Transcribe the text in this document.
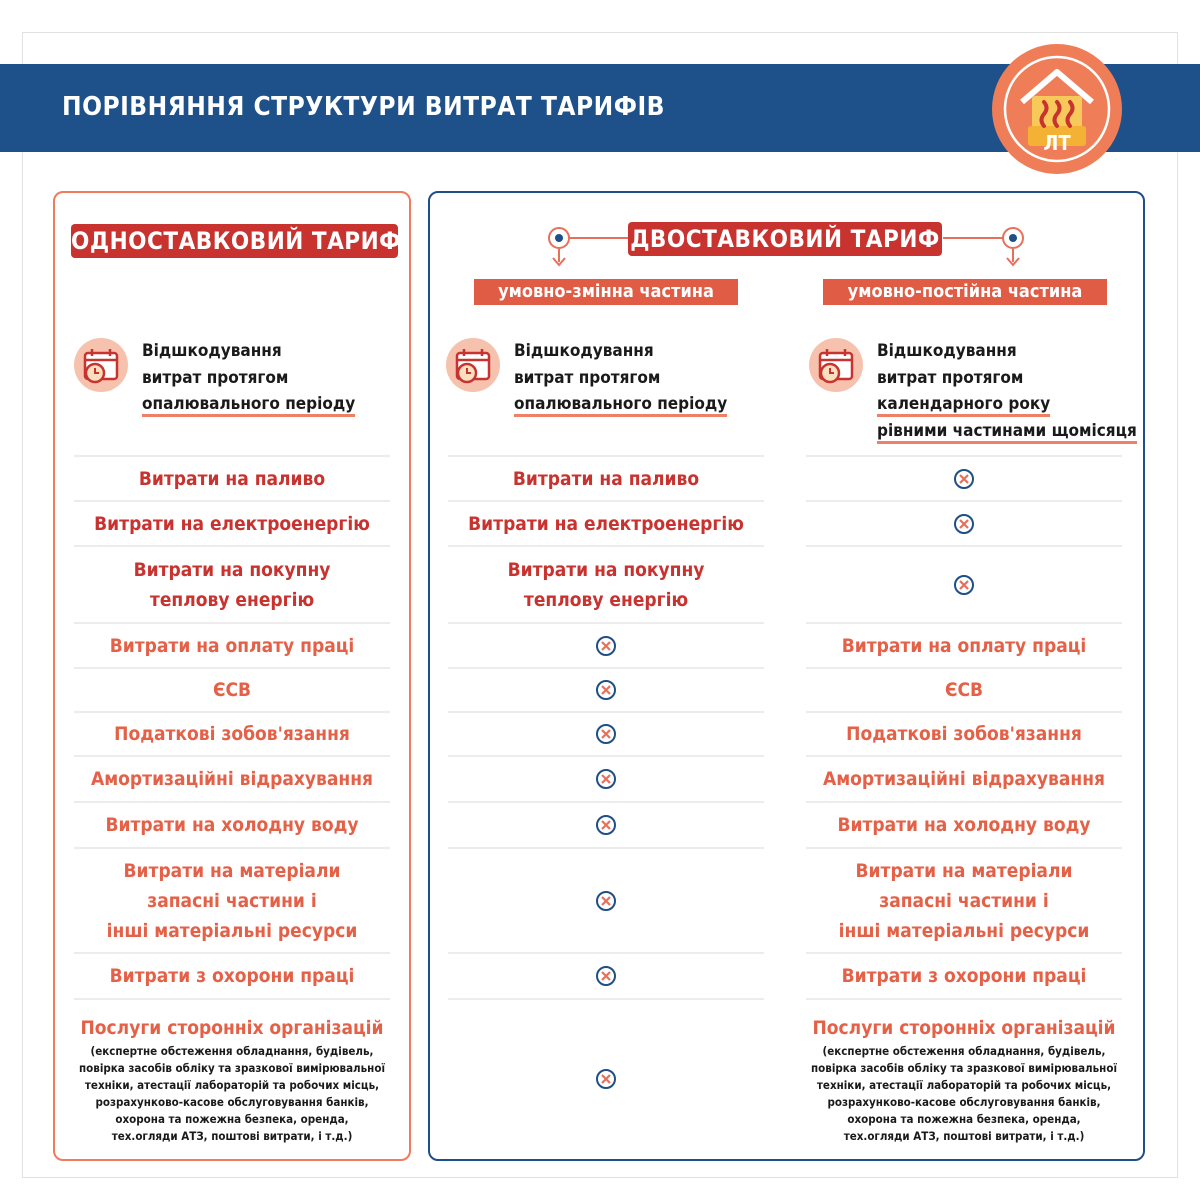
ПОРІВНЯННЯ СТРУКТУРИ ВИТРАТ ТАРИФІВ
ЛТ
ОДНОСТАВКОВИЙ ТАРИФ	ДВОСТАВКОВИЙ ТАРИФ
умовно-змінна частина	умовно-постійна частина
Відшкодування
витрат протягом
опалювального періоду
Відшкодування
витрат протягом
опалювального періоду
Відшкодування
витрат протягом
календарного року
рівними частинами щомісяця
Витрати на паливо
Витрати на електроенергію
Витрати на покупну
теплову енергію
Витрати на оплату праці
ЄСВ
Податкові зобов'язання
Амортизаційні відрахування
Витрати на холодну воду
Витрати на матеріали
запасні частини і
інші матеріальні ресурси
Витрати з охорони праці
Послуги сторонніх організацій
(експертне обстеження обладнання, будівель,
повірка засобів обліку та зразкової вимірювальної
техніки, атестації лабораторій та робочих місць,
розрахунково-касове обслуговування банків,
охорона та пожежна безпека, оренда,
тех.огляди АТЗ, поштові витрати, і т.д.)
Витрати на паливо
Витрати на електроенергію
Витрати на покупну
теплову енергію
Витрати на оплату праці
ЄСВ
Податкові зобов'язання
Амортизаційні відрахування
Витрати на холодну воду
Витрати на матеріали
запасні частини і
інші матеріальні ресурси
Витрати з охорони праці
Послуги сторонніх організацій
(експертне обстеження обладнання, будівель,
повірка засобів обліку та зразкової вимірювальної
техніки, атестації лабораторій та робочих місць,
розрахунково-касове обслуговування банків,
охорона та пожежна безпека, оренда,
тех.огляди АТЗ, поштові витрати, і т.д.)
